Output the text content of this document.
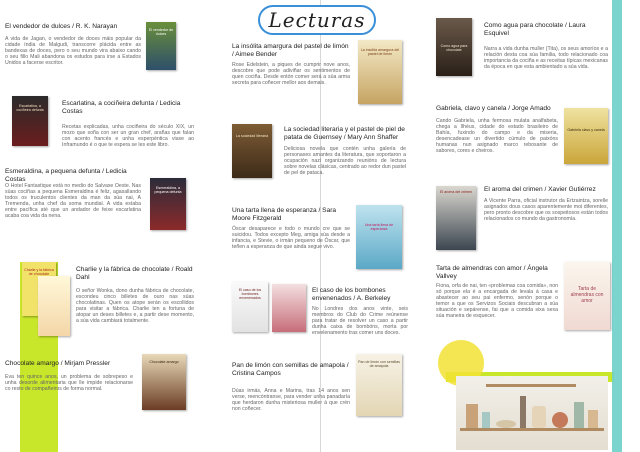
Lecturas
El vendedor de dulces / R. K. Narayan
A vida de Jagan, o vendedor de doces máis popular da cidade índia de Malgudi, transcorre plácida entre as bandexas de doces, pero o seu mundo vira abaixo cando o seu fillo Mali abandona os estudos para irse a Estados Unidos a facerse escritor.
El vendedor de dulces
Escarlatina, a cociñeira defunta
Escarlatina, a cociñeira defunta / Ledicia Costas
Recetas explicadas, unha cociñeira do século XIX, un mozo que soña con ser un gran chef, arañas que falan con acento francés e unha esperpéntica viaxe ao Inframundo é o que te espera se les este libro.
Esmeraldina, a pequena defunta / Ledicia Costas
O Hotel Fantastique está no medio do Salvaxe Oeste. Nas súas cociñas a pequena Esmeraldina é feliz, agasallando todos os truculentos clientes da man da súa nai, A Tremenda, unha chef da soma mundial. A vida estaba entre pacífica até que un andador de feixe escarlatina acaba coa vida da nena.
Esmeraldina, a pequena defunta
Charlie y la fábrica de chocolate
Charlie y la fábrica de chocolate / Roald Dahl
O señor Wonka, dono dunha fábrica de chocolate, escondeu cinco billetes de ouro nas súas chocolatinas. Quen os atope serán os escollidos para visitar a fábrica. Charlie ten a fortuna de atopar un deses billetes e, a partir dese momento, a súa vida cambiará totalmente.
Chocolate amargo / Mirjam Pressler
Eva ten quince anos, un problema de sobrepeso e unha desorde alimentaria que lle impide relacionarse co resto de compañeiros de forma normal.
Chocolate amargo
La insólita amargura del pastel de limón / Aimee Bender
Rose Edelstein, a piques de cumprir nove anos, descobre que pode adiviñar os sentimentos de quen cociña. Desde entón comer será a súa arma secreta para coñecer mellor aos demais.
La insólita amargura del pastel de limón
La sociedad literaria
La sociedad literaria y el pastel de piel de patata de Guernsey / Mary Ann Shaffer
Deliciosa novela que contén unha galería de personaxes amantes da literatura, que soportaron a ocupación nazi organizando reunións de lectura sobre novelas clásicas, centrado ao redor dun pastel de pel de pataca.
Una tarta llena de esperanza / Sara Moore Fitzgerald
Óscar desaparece e todo o mundo cre que se suicidou. Todos excepto Meg, amiga súa desde a infancia, e Stevie, o irmán pequeno de Óscar, que teñen a esperanza de que ainda segue vivo.
Una tarta llena de esperanza
El caso de los bombones envenenados
El caso de los bombones envenenados / A. Berkeley
No Londres dos anos vinte, seis membros do Club do Crime reúnense para tratar de resolver un caso a partir dunha caixa de bombóns, morta por envelenamento tras comer uns doces.
Pan de limón con semillas de amapola / Cristina Campos
Dúas irmás, Anna e Marina, tras 14 anos sen verse, reencóntranse, para vender unha panadaría que herdaron dunha misteriosa muller á que crén non coñecer.
Pan de limón con semillas de amapola
Como agua para chocolate
Como agua para chocolate / Laura Esquivel
Narra a vida dunha muller (Tita), os seus amoríos e a relación desta coa súa familia, todo relacionado coa importancia da cociña e as receitas típicas mexicanas da época en que esta ambientado a súa vida.
Gabriela, clavo y canela / Jorge Amado
Cando Gabriela, unha fermosa mulata analfabeta, chega a Ilhéus, cidade do estado brasileiro de Bahía, fuxindo do campo e da miseria, desencadease un divertido cúmulo de paixóns humanas nun asignado marco rebosante de sabores, cores e cheiros.
Gabriela clavo y canela
El aroma del crimen	El aroma del crimen / Xavier Gutiérrez
A Vicente Parra, oficial instrutor da Ertzaintza, sorelle asignados dous casos aparentemente moi diferentes, pero pronto descobre que os sospeitosos están todos relacionados co mundo da gastronomía.
Tarta de almendras con amor / Ángela Vallvey
Fiona, orfa de nai, ten «problemas coa comida», non só porque ela é a encargada de levala á casa e abastecer ao seu pai enfermo, senón porque o temor a que os Servizos Sociais descubran a súa situación e sepárense, fai que a comida sixa sexa súa maneira de esquecer.
Tarta de almendras con amor
